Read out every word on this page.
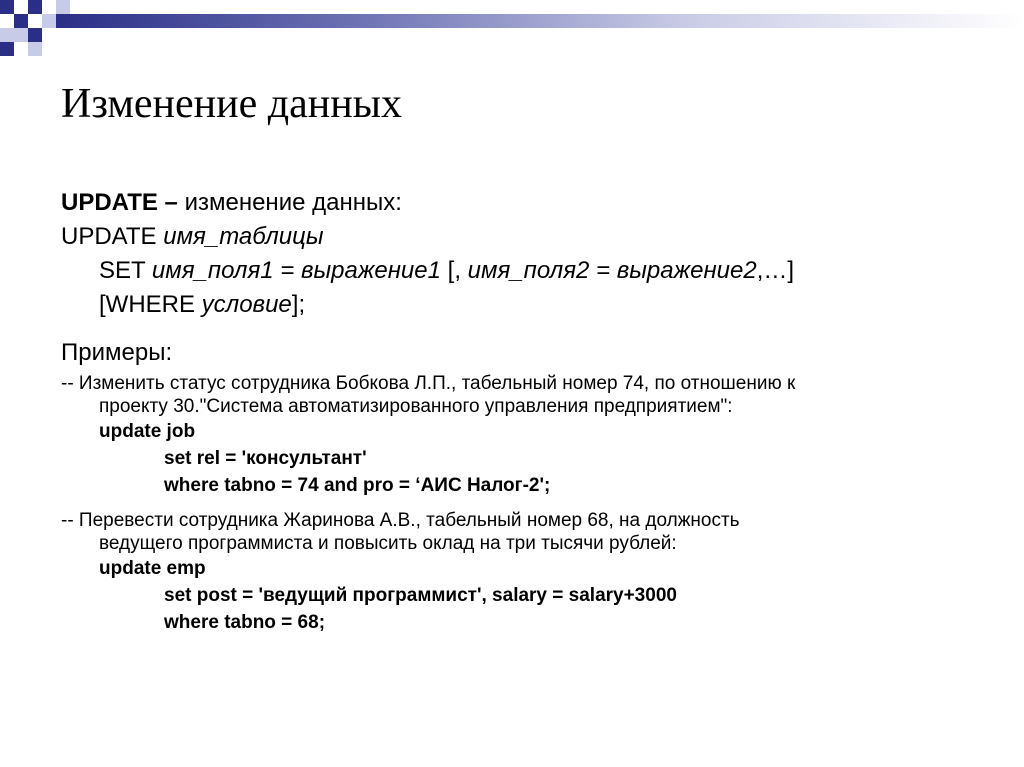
Изменение данных
UPDATE – изменение данных:
UPDATE имя_таблицы
SET имя_поля1 = выражение1 [, имя_поля2 = выражение2,…]
[WHERE условие];
Примеры:
-- Изменить статус сотрудника Бобкова Л.П., табельный номер 74, по отношению к
проекту 30."Система автоматизированного управления предприятием":
update job
set rel = 'консультант'
where tabno = 74 and pro = ‘АИС Налог-2';
-- Перевести сотрудника Жаринова А.В., табельный номер 68, на должность
ведущего программиста и повысить оклад на три тысячи рублей:
update emp
set post = 'ведущий программист', salary = salary+3000
where tabno = 68;
